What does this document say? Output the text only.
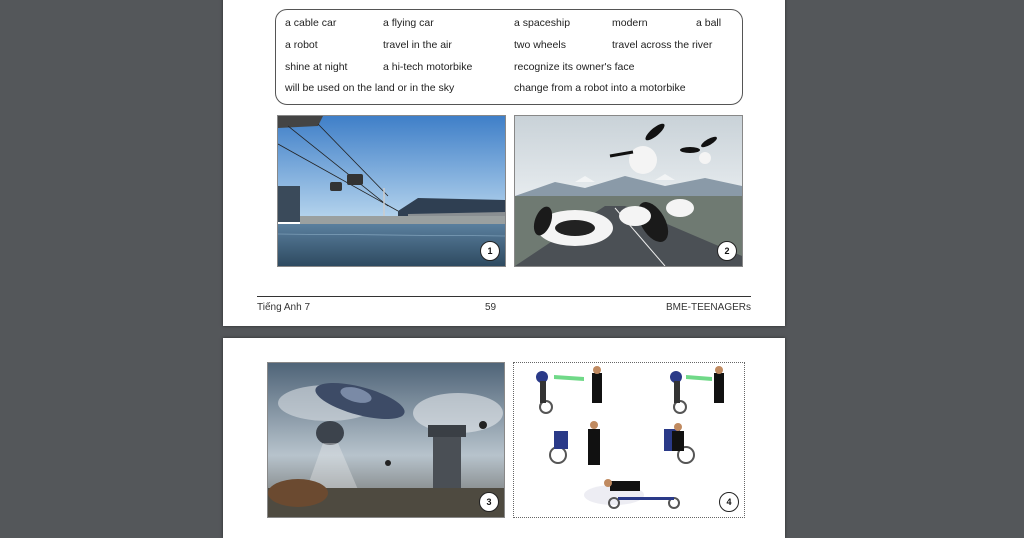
a cable car	a flying car	a spaceship	modern	a ball
a robot	travel in the air	two wheels	travel across the river
shine at night	a hi-tech motorbike	recognize its owner's face
will be used on the land or in the sky	change from a robot into a motorbike
1	2
Tiếng Anh 7	59	BME-TEENAGERs
3	4
